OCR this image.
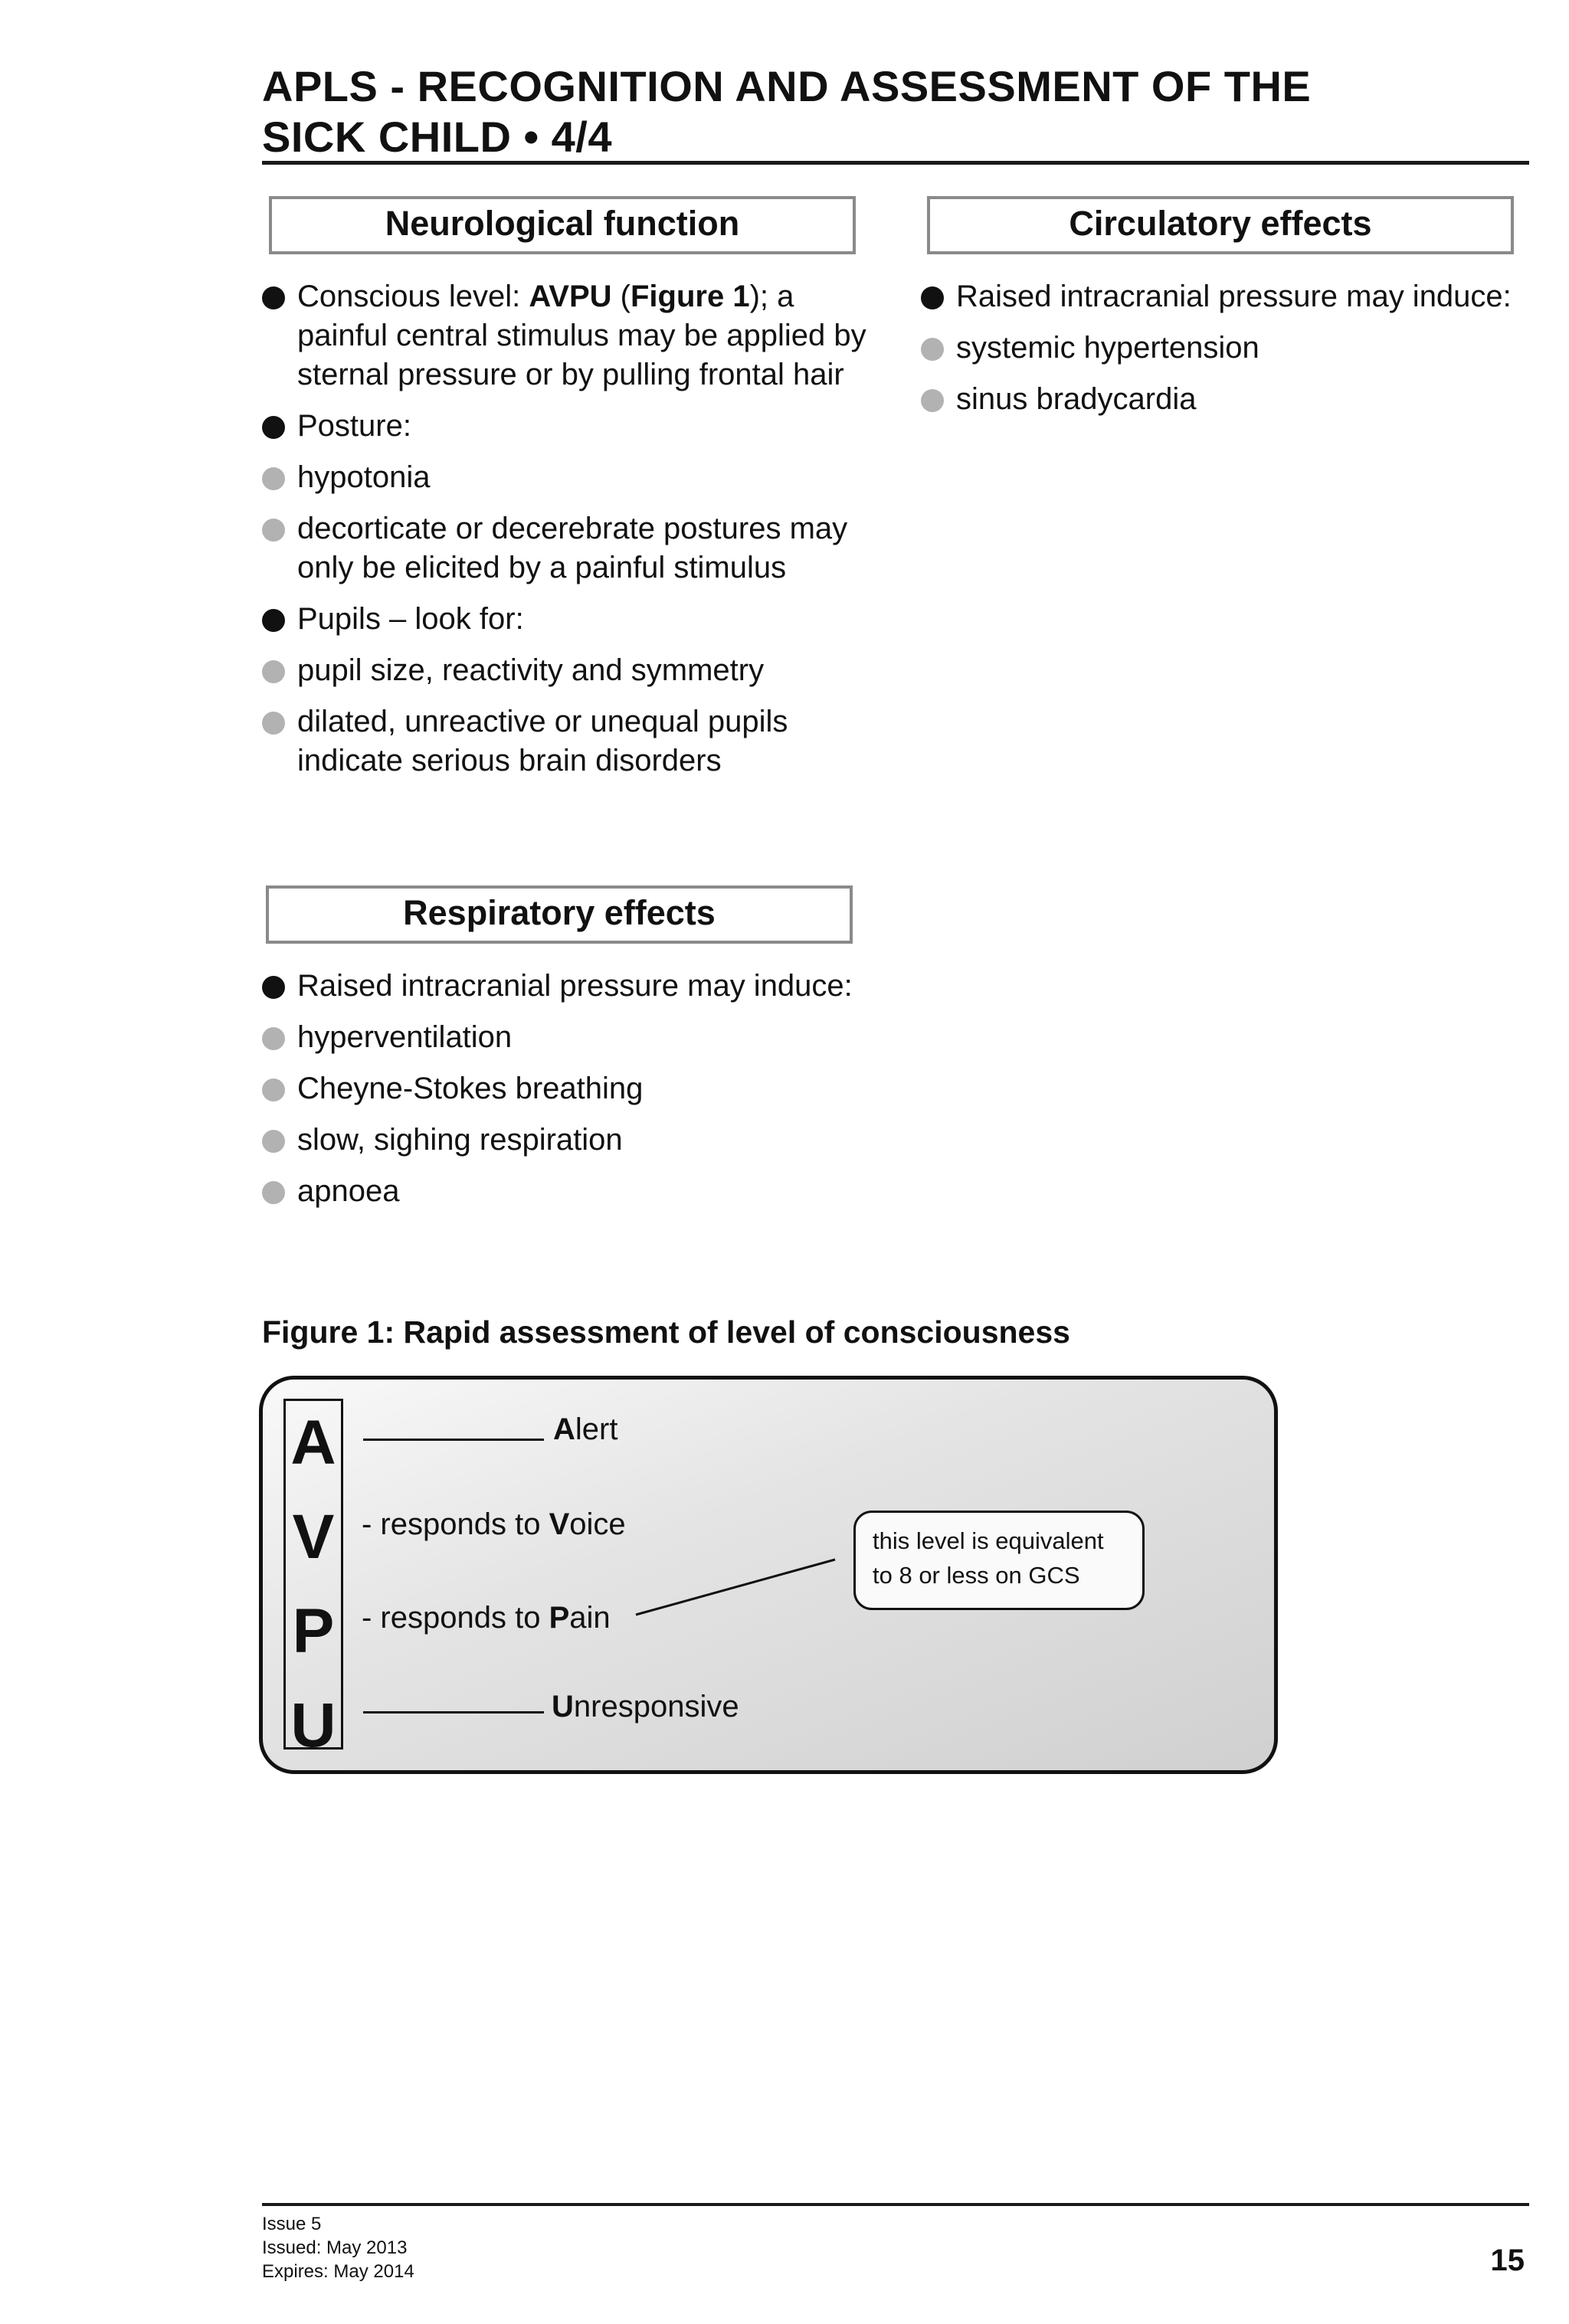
APLS - RECOGNITION AND ASSESSMENT OF THE
SICK CHILD • 4/4
Neurological function
Conscious level: AVPU (Figure 1); a painful central stimulus may be applied by sternal pressure or by pulling frontal hair
Posture:
hypotonia
decorticate or decerebrate postures may only be elicited by a painful stimulus
Pupils – look for:
pupil size, reactivity and symmetry
dilated, unreactive or unequal pupils indicate serious brain disorders
Respiratory effects
Raised intracranial pressure may induce:
hyperventilation
Cheyne-Stokes breathing
slow, sighing respiration
apnoea
Circulatory effects
Raised intracranial pressure may induce:
systemic hypertension
sinus bradycardia
Figure 1: Rapid assessment of level of consciousness
A
V
P
U
Alert
- responds to Voice
- responds to Pain
Unresponsive
this level is equivalent
to 8 or less on GCS
Issue 5
Issued: May 2013
Expires: May 2014	15
